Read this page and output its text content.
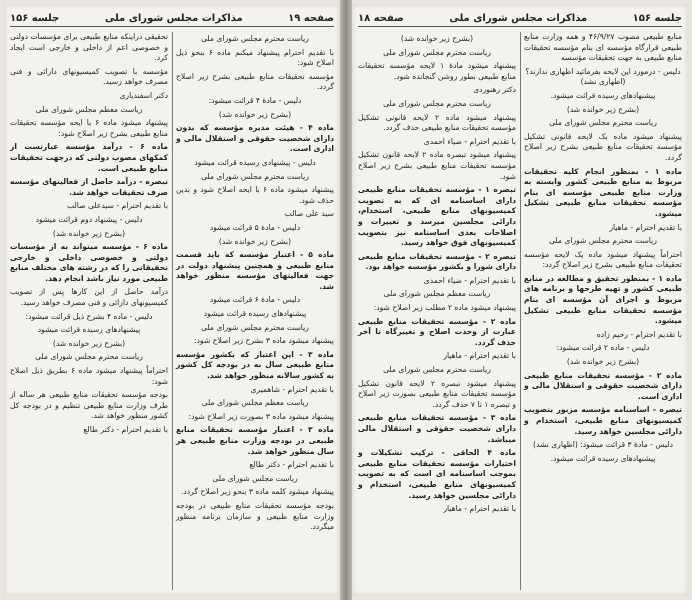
صفحه ۱۹
مذاکرات مجلس شورای ملی
جلسه ۱۵۶

ریاست محترم مجلس شورای ملی

با تقدیم احترام پیشنهاد میکنم ماده ۶ بنحو ذیل اصلاح شود:

مؤسسه تحقیقات منابع طبیعی بشرح زیر اصلاح گردد.

دلیس - مادهٔ ۴ قرائت میشود:

(بشرح زیر خوانده شد)

ماده ۴ - هیئت مدیره مؤسسه که بدون دارای شخصیت حقوقی و استقلال مالی و اداری است.

دلیس - پیشنهادی رسیده قرائت میشود

ریاست محترم مجلس شورای ملی

پیشنهاد میشود ماده ۶ با ایحه اصلاح شود و بدین حذف شود.

سید علی صالب

دلیس - مادهٔ ۵ قرائت میشود

(بشرح زیر خوانده شد)

ماده ۵ - اعتبار مؤسسه که باید قسمت منابع طبیعی و همچنین پیشنهاد دولت در جهت فعالیتهای مؤسسه منظور خواهد شد.

دلیس - مادهٔ ۶ قرائت میشود

پیشنهادهای رسیده قرائت میشود

ریاست محترم مجلس شورای ملی

پیشنهاد میشود ماده ۳ بشرح زیر اصلاح شود:

ماده ۳ - این اعتبار که بکشور مؤسسه منابع طبیعی سال به در بودجه کل کشور به کشور سالانه منظور خواهد شد.

با تقدیم احترام - شاهمیری

ریاست معظم مجلس شورای ملی

پیشنهاد میشود ماده ۳ بصورت زیر اصلاح شود:

ماده ۳ - اعتبار مؤسسه تحقیقات منابع طبیعی در بودجه وزارت منابع طبیعی هر سال منظور خواهد شد.

با تقدیم احترام - دکتر طالع

ریاست مجلس شورای ملی

پیشنهاد میشود کلمه ماده ۳ بنحو زیر اصلاح گردد.

بودجه مؤسسه تحقیقات منابع طبیعی در بودجه وزارت منابع طبیعی و سازمان برنامه منظور میگردد.

تحقیقی دراینکه منابع طبیعی برای مؤسسات دولتی و خصوصی اعم از داخلی و خارجی است ایجاد کرد.

مؤسسه با تصویب کمیسیونهای دارائی و فنی مصرف خواهد رسید.

دکتر اسفندیاری

ریاست معظم مجلس شورای ملی

پیشنهاد میشود ماده ۶ با ایحه مؤسسه تحقیقات منابع طبیعی بشرح زیر اصلاح شود:

ماده ۶ - درآمد مؤسسه عبارتست از کمکهای مصوب دولتی که درجهت تحقیقات منابع طبیعی است.

تبصره - درآمد حاصل از فعالیتهای مؤسسه صرف تحقیقات خواهد شد.

با تقدیم احترام - سیدعلی صالب

دلیس - پیشنهاد دوم قرائت میشود

(بشرح زیر خوانده شد)

ماده ۶ - مؤسسه میتواند به از مؤسسات دولتی و خصوصی داخلی و خارجی تحقیقاتی را که در رشته های مختلف منابع طبیعی مورد نیاز باشد انجام دهد.

درآمد حاصل از این کارها پس از تصویب کمیسیونهای دارائی و فنی مصرف خواهد رسید.

دلیس - ماده ۴ بشرح ذیل قرائت میشود:

پیشنهادهای رسیده قرائت میشود

(بشرح زیر خوانده شد)

ریاست محترم مجلس شورای ملی

احتراماً پیشنهاد میشود ماده ۶ بطریق ذیل اصلاح شود:

بودجه مؤسسه تحقیقات منابع طبیعی هر ساله از طرف وزارت منابع طبیعی تنظیم و در بودجه کل کشور منظور خواهد شد.

با تقدیم احترام - دکتر طالع

جلسه ۱۵۶
مذاکرات مجلس شورای ملی
صفحه ۱۸

منابع طبیعی مصوب ۴۶/۹/۲۷ و همه وزارت منابع طبیعی قرارگاه مؤسسه ای بنام مؤسسه تحقیقات منابع طبیعی به جهت تحقیقات مؤسسه

دلیس - درمورد این لایحه بفرمائید اظهاری ندارند؟ (اظهاری نشد)

پیشنهادهای رسیده قرائت میشود.

(بشرح زیر خوانده شد)

ریاست محترم مجلس شورای ملی

پیشنهاد میشود ماده یک لایحه قانونی تشکیل مؤسسه تحقیقات منابع طبیعی بشرح زیر اصلاح گردد.

ماده ۱ - بمنظور انجام کلیه تحقیقات مربوط به منابع طبیعی کشور وابسته به وزارت منابع طبیعی مؤسسه ای بنام مؤسسه تحقیقات منابع طبیعی تشکیل میشود.

با تقدیم احترام - ماهیار

ریاست محترم مجلس شورای ملی

احتراماً پیشنهاد میشود ماده یک لایحه مؤسسه تحقیقات منابع طبیعی بشرح زیر اصلاح گردد:

ماده ۱ - بمنظور تحقیق و مطالعه در منابع طبیعی کشور و تهیه طرحها و برنامه های مربوط و اجرای آن مؤسسه ای بنام مؤسسه تحقیقات منابع طبیعی تشکیل میشود.

با تقدیم احترام - رحیم زاده

دلیس - ماده ۲ قرائت میشود:

(بشرح زیر خوانده شد)

ماده ۲ - مؤسسه تحقیقات منابع طبیعی دارای شخصیت حقوقی و استقلال مالی و اداری است.

تبصره - اساسنامه مؤسسه مزبور بتصویب کمیسیونهای منابع طبیعی، استخدام و دارائی مجلسین خواهد رسید.

دلیس - مادهٔ ۳ قرائت میشود: (اظهاری نشد)

پیشنهادهای رسیده قرائت میشود.

(بشرح زیر خوانده شد)

ریاست محترم مجلس شورای ملی

پیشنهاد میشود مادهٔ ۱ لایحه مؤسسه تحقیقات منابع طبیعی بطور روشن گنجانده شود.

دکتر رهنوردی

ریاست محترم مجلس شورای ملی

پیشنهاد میشود ماده ۲ لایحه قانونی تشکیل مؤسسه تحقیقات منابع طبیعی حذف گردد.

با تقدیم احترام - ضیاء احمدی

پیشنهاد میشود تبصره ماده ۲ لایحه قانون تشکیل مؤسسه تحقیقات منابع طبیعی بشرح زیر اصلاح شود.

تبصره ۱ - مؤسسه تحقیقات منابع طبیعی دارای اساسنامه ای که به تصویب کمیسیونهای منابع طبیعی، استخدام، دارائی مجلسین میرسد و تغییرات و اصلاحات بعدی اساسنامه نیز بتصویب کمیسیونهای فوق خواهد رسید.

تبصره ۲ - مؤسسه تحقیقات منابع طبیعی دارای شورا و بکشور مؤسسه خواهد بود.

با تقدیم احترام - ضیاء احمدی

ریاست معظم مجلس شورای ملی

پیشنهاد میشود ماده ۲ مطلب زیر اصلاح شود:

ماده ۲ - مؤسسه تحقیقات منابع طبیعی عبارت از وحدت اصلاح و تغییرگاه تا آخر حذف گردد.

با تقدیم احترام - ماهیار

ریاست محترم مجلس شورای ملی

پیشنهاد میشود تبصره ۲ لایحه قانون تشکیل مؤسسه تحقیقات منابع طبیعی بصورت زیر اصلاح و تبصره ۱ تا ۷ حذف گردد.

ماده ۳ - مؤسسه تحقیقات منابع طبیعی دارای شخصیت حقوقی و استقلال مالی میباشد.

ماده ۴ الحاقی - ترکیب تشکیلات و اختیارات مؤسسه تحقیقات منابع طبیعی بموجب اساسنامه ای است که به تصویب کمیسیونهای منابع طبیعی، استخدام و دارائی مجلسین خواهد رسید.

با تقدیم احترام - ماهیار
